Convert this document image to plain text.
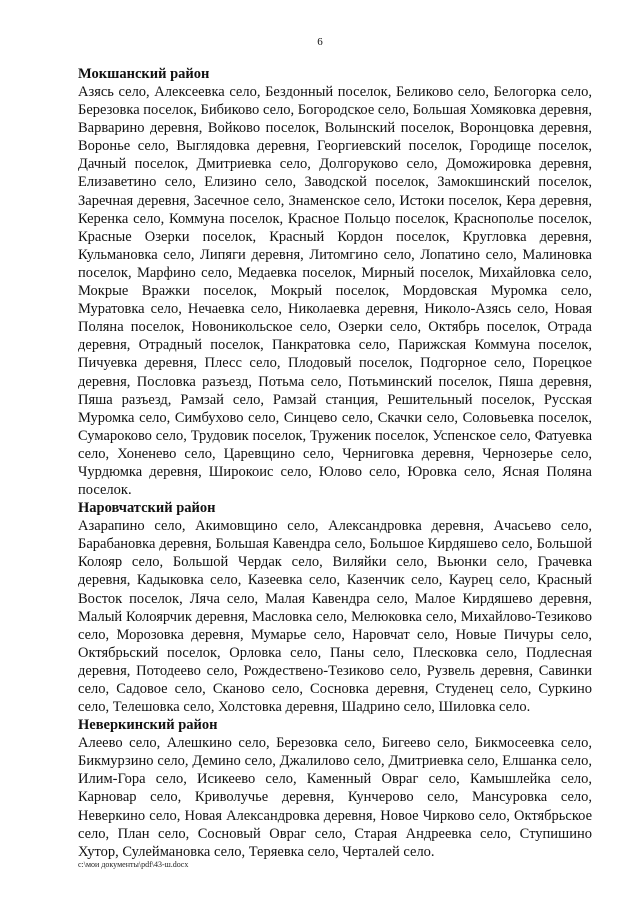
6

Мокшанский район

Азясь село, Алексеевка село, Бездонный поселок, Беликово село, Белогорка село, Березовка поселок, Бибиково село, Богородское село, Большая Хомяковка деревня, Варварино деревня, Войково поселок, Волынский поселок, Воронцовка деревня, Воронье село, Выглядовка деревня, Георгиевский поселок, Городище поселок, Дачный поселок, Дмитриевка село, Долгоруково село, Доможировка деревня, Елизаветино село, Елизино село, Заводской поселок, Замокшинский поселок, Заречная деревня, Засечное село, Знаменское село, Истоки поселок, Кера деревня, Керенка село, Коммуна поселок, Красное Польцо поселок, Краснополье поселок, Красные Озерки поселок, Красный Кордон поселок, Кругловка деревня, Кульмановка село, Липяги деревня, Литомгино село, Лопатино село, Малиновка поселок, Марфино село, Медаевка поселок, Мирный поселок, Михайловка село, Мокрые Вражки поселок, Мокрый поселок, Мордовская Муромка село, Муратовка село, Нечаевка село, Николаевка деревня, Николо-Азясь село, Новая Поляна поселок, Новоникольское село, Озерки село, Октябрь поселок, Отрада деревня, Отрадный поселок, Панкратовка село, Парижская Коммуна поселок, Пичуевка деревня, Плесс село, Плодовый поселок, Подгорное село, Порецкое деревня, Пословка разъезд, Потьма село, Потьминский поселок, Пяша деревня, Пяша разъезд, Рамзай село, Рамзай станция, Решительный поселок, Русская Муромка село, Симбухово село, Синцево село, Скачки село, Соловьевка поселок, Сумароково село, Трудовик поселок, Труженик поселок, Успенское село, Фатуевка село, Хоненево село, Царевщино село, Черниговка деревня, Чернозерье село, Чурдюмка деревня, Широкоис село, Юлово село, Юровка село, Ясная Поляна поселок.

Наровчатский район

Азарапино село, Акимовщино село, Александровка деревня, Ачасьево село, Барабановка деревня, Большая Кавендра село, Большое Кирдяшево село, Большой Колояр село, Большой Чердак село, Виляйки село, Вьюнки село, Грачевка деревня, Кадыковка село, Казеевка село, Казенчик село, Каурец село, Красный Восток поселок, Ляча село, Малая Кавендра село, Малое Кирдяшево деревня, Малый Колоярчик деревня, Масловка село, Мелюковка село, Михайлово-Тезиково село, Морозовка деревня, Мумарье село, Наровчат село, Новые Пичуры село, Октябрьский поселок, Орловка село, Паны село, Плесковка село, Подлесная деревня, Потодеево село, Рождествено-Тезиково село, Рузвель деревня, Савинки село, Садовое село, Сканово село, Сосновка деревня, Студенец село, Суркино село, Телешовка село, Холстовка деревня, Шадрино село, Шиловка село.

Неверкинский район

Алеево село, Алешкино село, Березовка село, Бигеево село, Бикмосеевка село, Бикмурзино село, Демино село, Джалилово село, Дмитриевка село, Елшанка село, Илим-Гора село, Исикеево село, Каменный Овраг село, Камышлейка село, Карновар село, Криволучье деревня, Кунчерово село, Мансуровка село, Неверкино село, Новая Александровка деревня, Новое Чирково село, Октябрьское село, План село, Сосновый Овраг село, Старая Андреевка село, Ступишино Хутор, Сулеймановка село, Теряевка село, Черталей село.

c:\мои документы\pdf\43-ш.docx
